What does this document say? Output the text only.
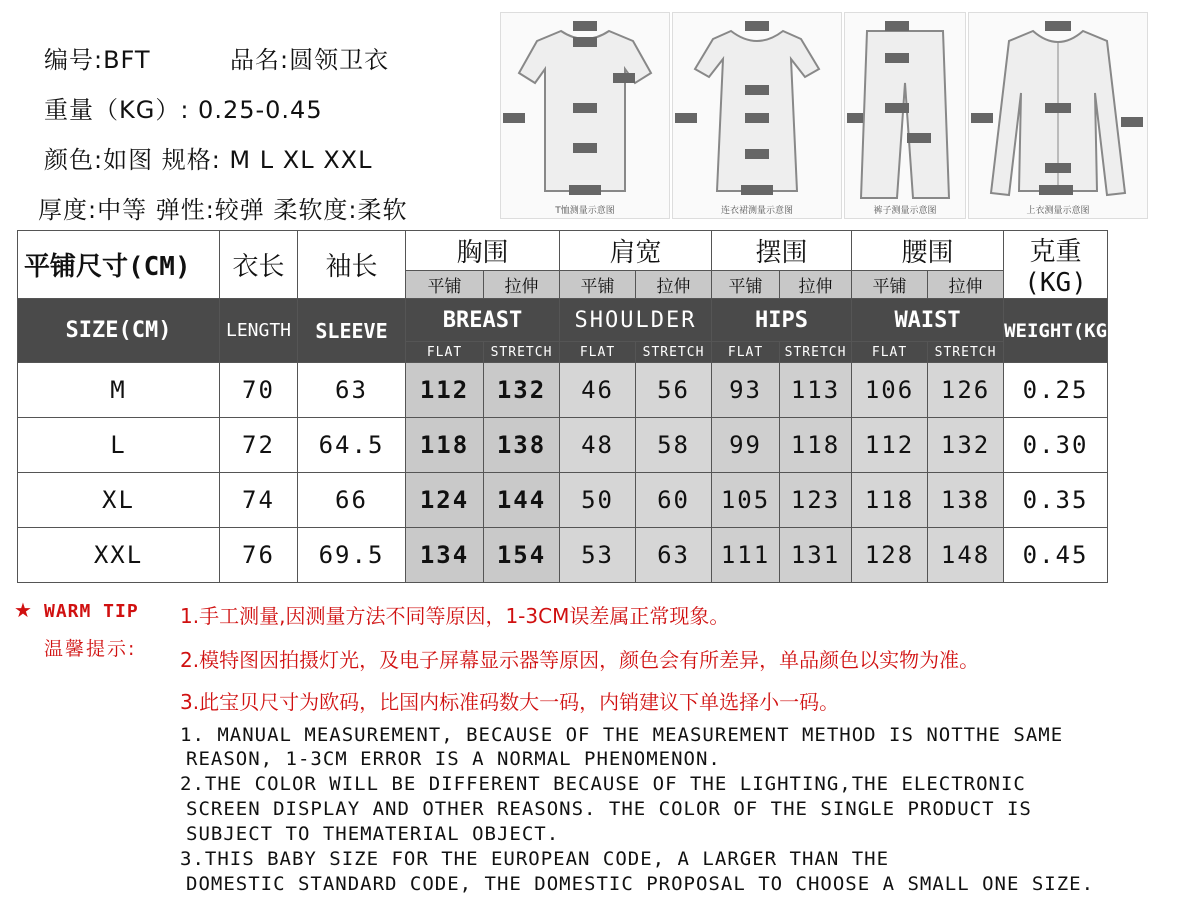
编号:BFT	品名:圆领卫衣
重量（KG）: 0.25-0.45
颜色:如图 规格: M L XL XXL
厚度:中等 弹性:较弹 柔软度:柔软	T恤测量示意图	连衣裙测量示意图	裤子测量示意图	上衣测量示意图
平铺尺寸(CM)	衣长	袖长	胸围		肩宽		摆围		腰围		克重(KG)
			平铺	拉伸	平铺	拉伸	平铺	拉伸	平铺	拉伸	
SIZE(CM)	LENGTH	SLEEVE	BREAST		SHOULDER		HIPS		WAIST		WEIGHT(KG)
			FLAT	STRETCH	FLAT	STRETCH	FLAT	STRETCH	FLAT	STRETCH	
M	70	63	112	132	46	56	93	113	106	126	0.25
L	72	64.5	118	138	48	58	99	118	112	132	0.30
XL	74	66	124	144	50	60	105	123	118	138	0.35
XXL	76	69.5	134	154	53	63	111	131	128	148	0.45
★ WARM TIP
温馨提示:
1.手工测量,因测量方法不同等原因，1-3CM误差属正常现象。
2.模特图因拍摄灯光，及电子屏幕显示器等原因，颜色会有所差异，单品颜色以实物为准。
3.此宝贝尺寸为欧码，比国内标准码数大一码，内销建议下单选择小一码。
1. MANUAL MEASUREMENT, BECAUSE OF THE MEASUREMENT METHOD IS NOTTHE SAME
REASON, 1-3CM ERROR IS A NORMAL PHENOMENON.
2.THE COLOR WILL BE DIFFERENT BECAUSE OF THE LIGHTING,THE ELECTRONIC
SCREEN DISPLAY AND OTHER REASONS. THE COLOR OF THE SINGLE PRODUCT IS
SUBJECT TO THEMATERIAL OBJECT.
3.THIS BABY SIZE FOR THE EUROPEAN CODE, A LARGER THAN THE
DOMESTIC STANDARD CODE, THE DOMESTIC PROPOSAL TO CHOOSE A SMALL ONE SIZE.
